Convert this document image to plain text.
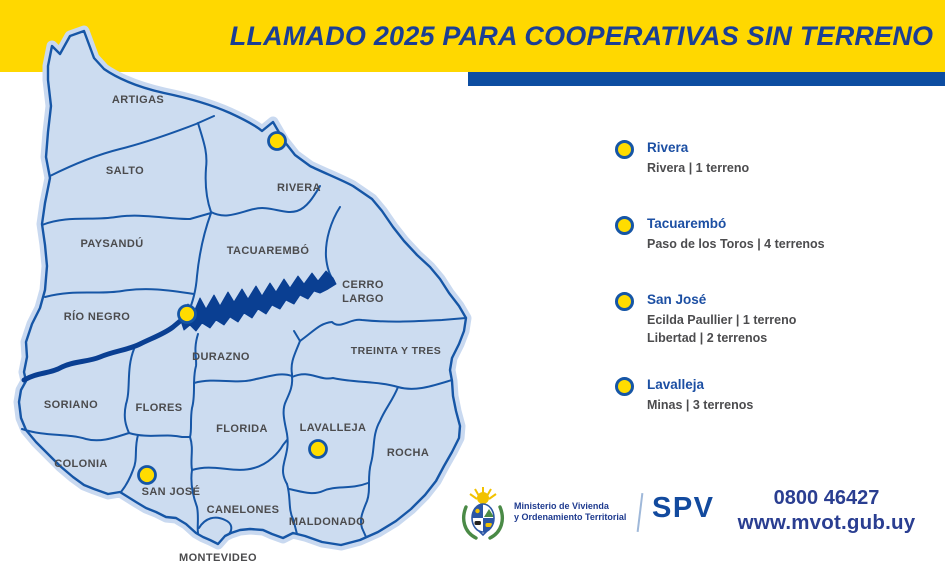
LLAMADO 2025 PARA COOPERATIVAS SIN TERRENO
ARTIGAS
SALTO
RIVERA
PAYSANDÚ
TACUAREMBÓ
CERRO
LARGO
RÍO NEGRO
DURAZNO	TREINTA Y TRES
SORIANO	FLORES
FLORIDA	LAVALLEJA
COLONIA
SAN JOSÉ
ROCHA
CANELONES
MALDONADO
MONTEVIDEO
Rivera
Rivera | 1 terreno
Tacuarembó
Paso de los Toros | 4 terrenos
San José
Ecilda Paullier | 1 terreno
Libertad | 2 terrenos
Lavalleja
Minas | 3 terrenos
Ministerio de Vivienda
y Ordenamiento Territorial SPV	0800 46427
www.mvot.gub.uy
